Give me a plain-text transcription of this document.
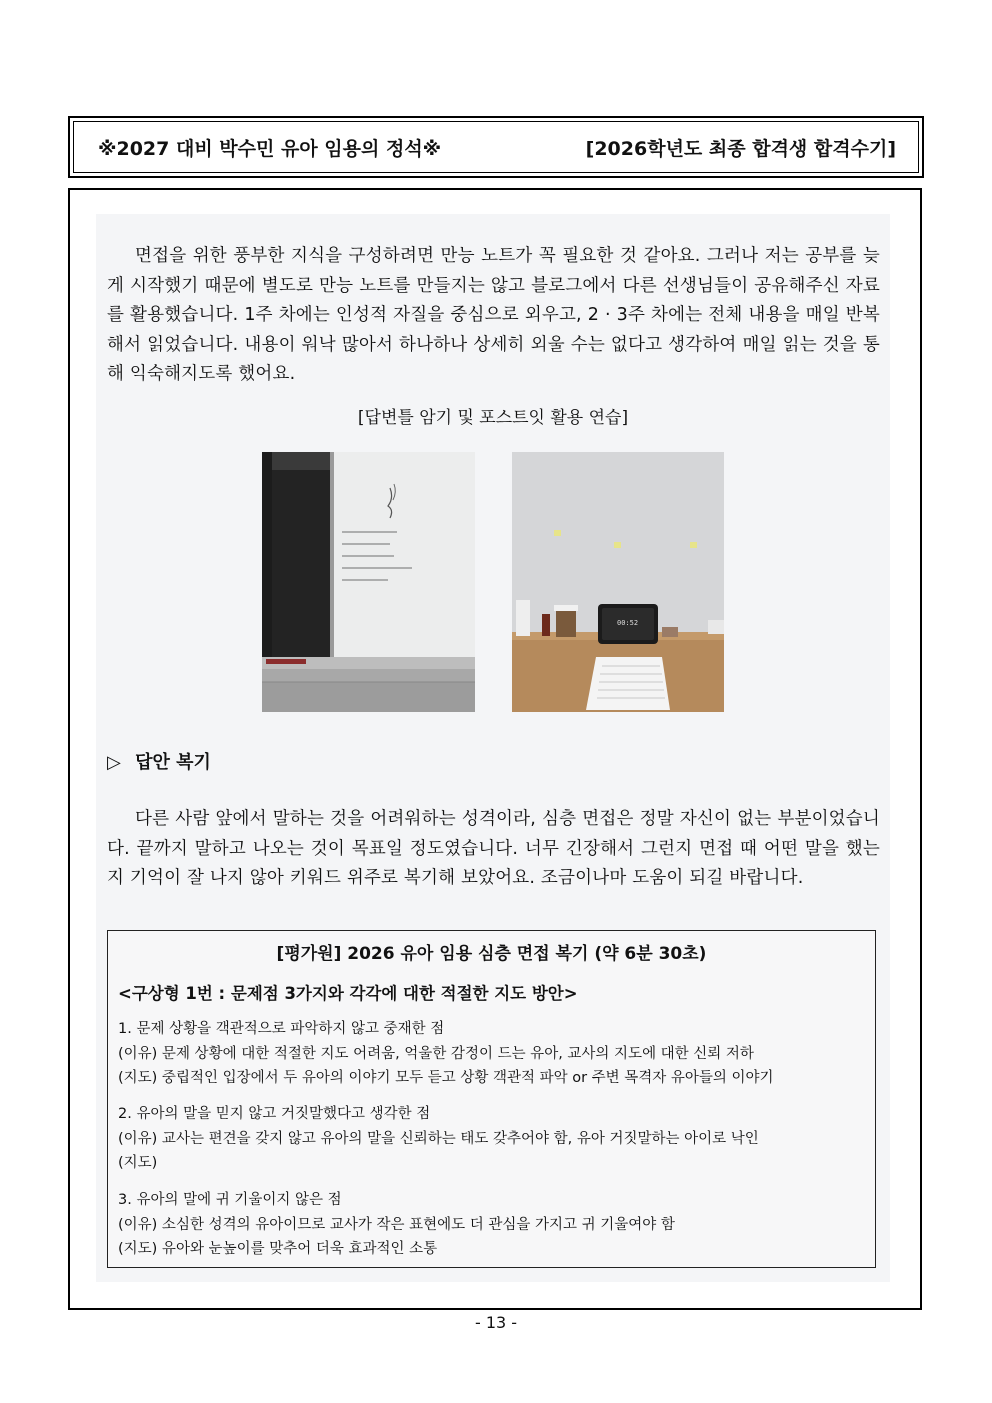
※2027 대비 박수민 유아 임용의 정석※	[2026학년도 최종 합격생 합격수기]

면접을 위한 풍부한 지식을 구성하려면 만능 노트가 꼭 필요한 것 같아요. 그러나 저는 공부를 늦게 시작했기 때문에 별도로 만능 노트를 만들지는 않고 블로그에서 다른 선생님들이 공유해주신 자료를 활용했습니다. 1주 차에는 인성적 자질을 중심으로 외우고, 2 · 3주 차에는 전체 내용을 매일 반복해서 읽었습니다. 내용이 워낙 많아서 하나하나 상세히 외울 수는 없다고 생각하여 매일 읽는 것을 통해 익숙해지도록 했어요.

[답변틀 암기 및 포스트잇 활용 연습]
00:52
▷ 답안 복기

다른 사람 앞에서 말하는 것을 어려워하는 성격이라, 심층 면접은 정말 자신이 없는 부분이었습니다. 끝까지 말하고 나오는 것이 목표일 정도였습니다. 너무 긴장해서 그런지 면접 때 어떤 말을 했는지 기억이 잘 나지 않아 키워드 위주로 복기해 보았어요. 조금이나마 도움이 되길 바랍니다.

[평가원] 2026 유아 임용 심층 면접 복기 (약 6분 30초)
<구상형 1번 : 문제점 3가지와 각각에 대한 적절한 지도 방안>
1. 문제 상황을 객관적으로 파악하지 않고 중재한 점
(이유) 문제 상황에 대한 적절한 지도 어려움, 억울한 감정이 드는 유아, 교사의 지도에 대한 신뢰 저하
(지도) 중립적인 입장에서 두 유아의 이야기 모두 듣고 상황 객관적 파악 or 주변 목격자 유아들의 이야기
2. 유아의 말을 믿지 않고 거짓말했다고 생각한 점
(이유) 교사는 편견을 갖지 않고 유아의 말을 신뢰하는 태도 갖추어야 함, 유아 거짓말하는 아이로 낙인
(지도)
3. 유아의 말에 귀 기울이지 않은 점
(이유) 소심한 성격의 유아이므로 교사가 작은 표현에도 더 관심을 가지고 귀 기울여야 함
(지도) 유아와 눈높이를 맞추어 더욱 효과적인 소통
- 13 -
